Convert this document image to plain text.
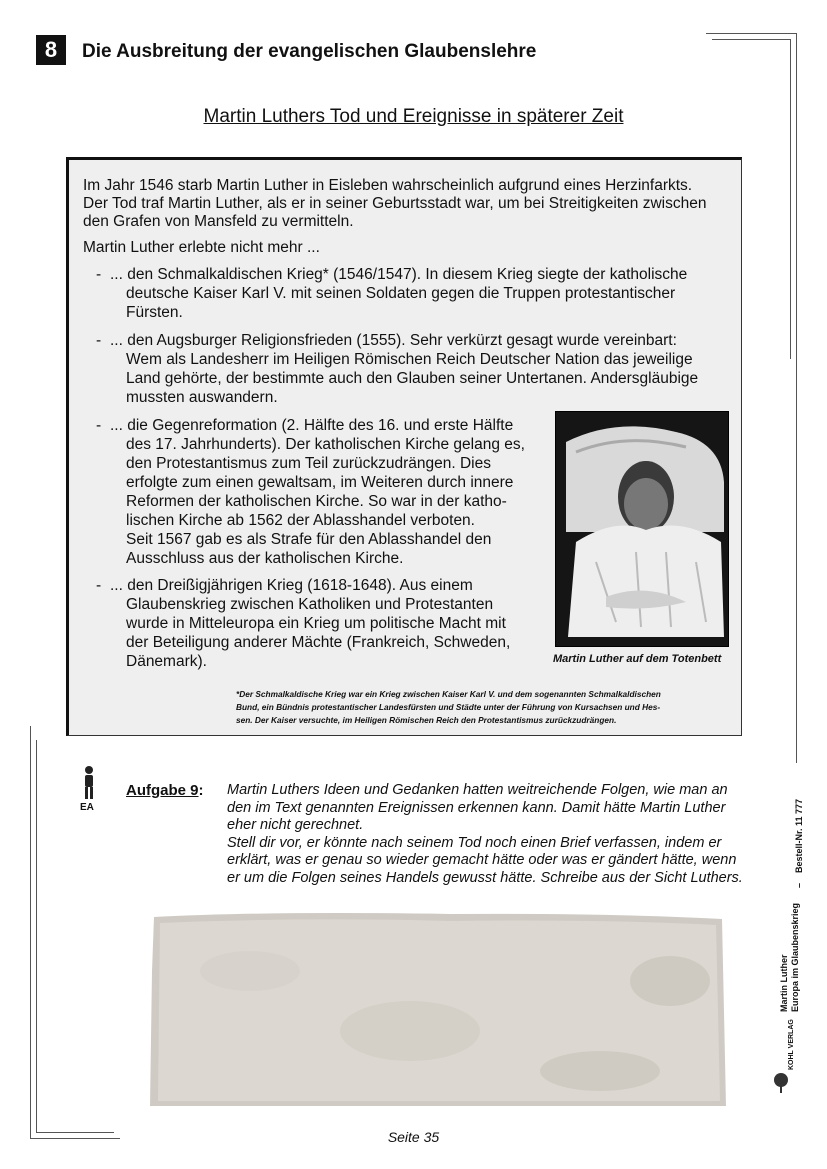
8	Die Ausbreitung der evangelischen Glaubenslehre
Martin Luthers Tod und Ereignisse in späterer Zeit
Im Jahr 1546 starb Martin Luther in Eisleben wahrscheinlich aufgrund eines Herzinfarkts.
Der Tod traf Martin Luther, als er in seiner Geburtsstadt war, um bei Streitigkeiten zwischen
den Grafen von Mansfeld zu vermitteln.
Martin Luther erlebte nicht mehr ...
- ... den Schmalkaldischen Krieg* (1546/1547). In diesem Krieg siegte der katholische
deutsche Kaiser Karl V. mit seinen Soldaten gegen die Truppen protestantischer
Fürsten.
- ... den Augsburger Religionsfrieden (1555). Sehr verkürzt gesagt wurde vereinbart:
Wem als Landesherr im Heiligen Römischen Reich Deutscher Nation das jeweilige
Land gehörte, der bestimmte auch den Glauben seiner Untertanen. Andersgläubige
mussten auswandern.
- ... die Gegenreformation (2. Hälfte des 16. und erste Hälfte
des 17. Jahrhunderts). Der katholischen Kirche gelang es,
den Protestantismus zum Teil zurückzudrängen. Dies
erfolgte zum einen gewaltsam, im Weiteren durch innere
Reformen der katholischen Kirche. So war in der katho-
lischen Kirche ab 1562 der Ablasshandel verboten.
Seit 1567 gab es als Strafe für den Ablasshandel den
Ausschluss aus der katholischen Kirche.
- ... den Dreißigjährigen Krieg (1618-1648). Aus einem
Glaubenskrieg zwischen Katholiken und Protestanten
wurde in Mitteleuropa ein Krieg um politische Macht mit
der Beteiligung anderer Mächte (Frankreich, Schweden,
Dänemark).	Martin Luther auf dem Totenbett
*Der Schmalkaldische Krieg war ein Krieg zwischen Kaiser Karl V. und dem sogenannten Schmalkaldischen
Bund, ein Bündnis protestantischer Landesfürsten und Städte unter der Führung von Kursachsen und Hes-
sen. Der Kaiser versuchte, im Heiligen Römischen Reich den Protestantismus zurückzudrängen.
EA
Aufgabe 9: Martin Luthers Ideen und Gedanken hatten weitreichende Folgen, wie man an
den im Text genannten Ereignissen erkennen kann. Damit hätte Martin Luther
eher nicht gerechnet.
Stell dir vor, er könnte nach seinem Tod noch einen Brief verfassen, indem er
erklärt, was er genau so wieder gemacht hätte oder was er gändert hätte, wenn
er um die Folgen seines Handels gewusst hätte. Schreibe aus der Sicht Luthers.
Bestell-Nr. 11 777
–
Europa im Glaubenskrieg
Martin Luther
KOHL VERLAG
Seite 35
